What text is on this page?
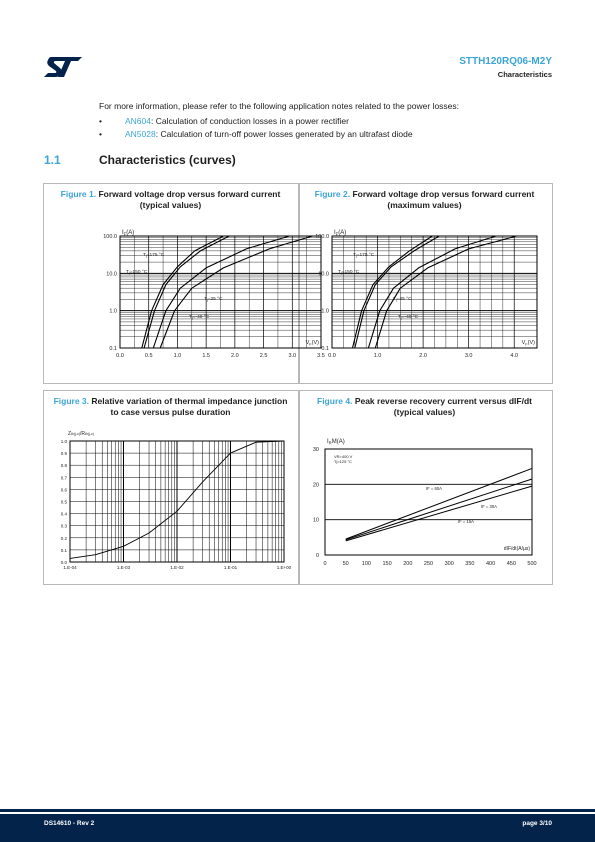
STTH120RQ06-M2Y
Characteristics
For more information, please refer to the following application notes related to the power losses:
•	AN604: Calculation of conduction losses in a power rectifier
•	AN5028: Calculation of turn-off power losses generated by an ultrafast diode
1.1	Characteristics (curves)
Figure 1. Forward voltage drop versus forward current
(typical values)
Figure 2. Forward voltage drop versus forward current
(maximum values)
Figure 3. Relative variation of thermal impedance junction
to case versus pulse duration
Figure 4. Peak reverse recovery current versus dIF/dt
(typical values)
0.1
1.0
10.0
100.0
0.0	0.5	1.0	1.5	2.0	2.5	3.0	3.5
$I_F(A)$
$V_F(V)$
$T_j=175$ °C
$T_j=150$ °C
$T_j=25$ °C
$T_j=-40$ °C
0.1
1.0
10.0
100.0
0.0	1.0	2.0	3.0	4.0
$I_F(A)$
$V_F(V)$
$T_j=175$ °C
$T_j=150$ °C
$T_j=25$ °C
$T_j=-40$ °C
0.0
0.1
0.2
0.3
0.4
0.5
0.6
0.7
0.8
0.9
1.0
1.E-04	1.E-03	1.E-02	1.E-01	1.E+00
Zth(j-c)/Rth(j-c)
0
10
20
30
0	50 100 150 200 250 300 350 400 450 500
$I_RM(A)$
dIF/dt(A/µs)
VR=400 V
Tj=125 °C
IF = 60A
IF = 30A
IF = 15A
DS14610 - Rev 2	page 3/10
